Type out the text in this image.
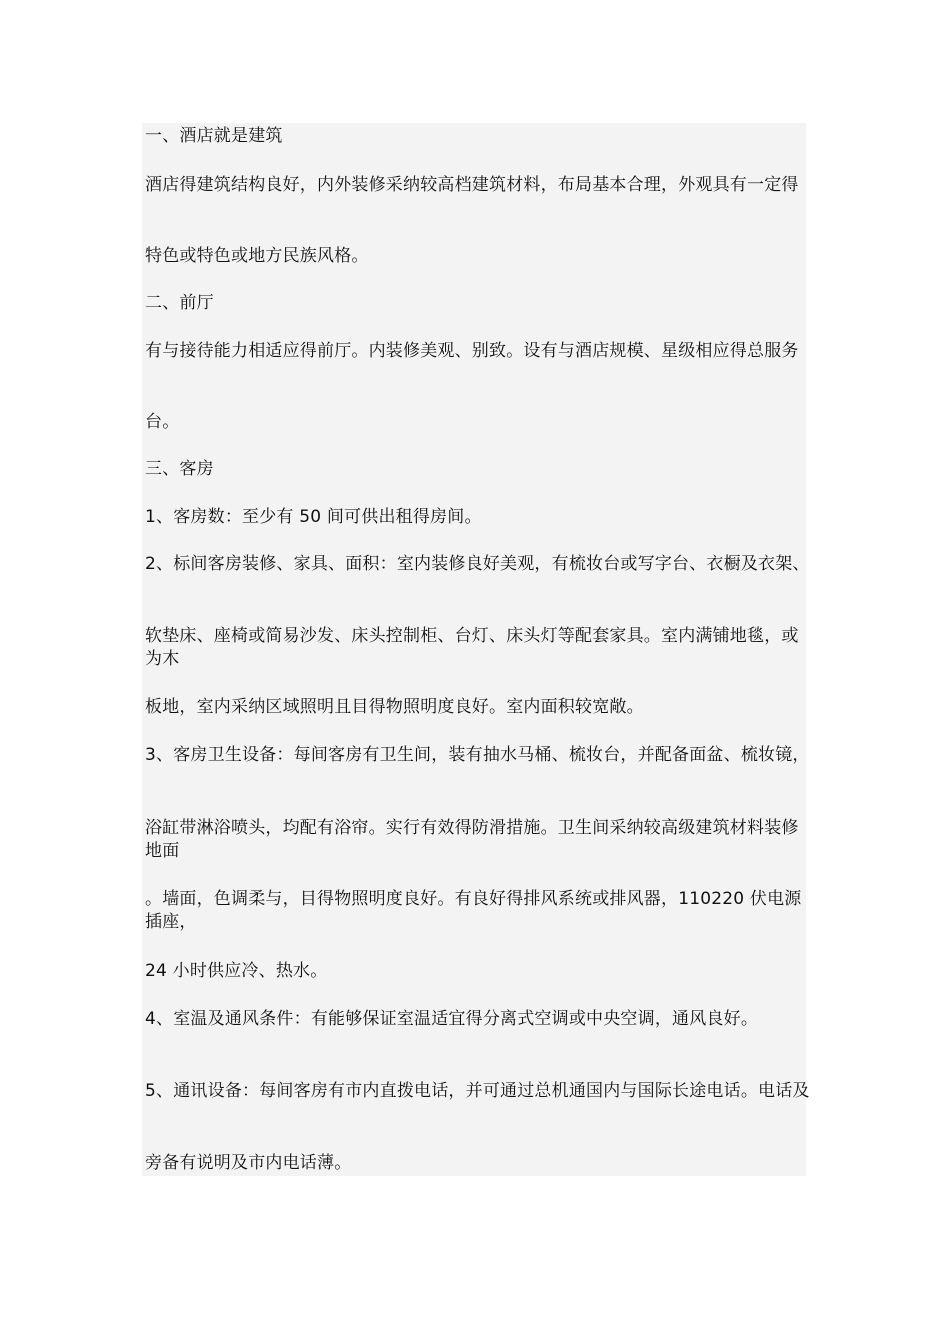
一、酒店就是建筑

酒店得建筑结构良好，内外装修采纳较高档建筑材料，布局基本合理，外观具有一定得

特色或特色或地方民族风格。

二、前厅

有与接待能力相适应得前厅。内装修美观、别致。设有与酒店规模、星级相应得总服务

台。

三、客房

1、客房数：至少有 50 间可供出租得房间。

2、标间客房装修、家具、面积：室内装修良好美观，有梳妆台或写字台、衣橱及衣架、

软垫床、座椅或简易沙发、床头控制柜、台灯、床头灯等配套家具。室内满铺地毯，或为木

板地，室内采纳区域照明且目得物照明度良好。室内面积较宽敞。

3、客房卫生设备：每间客房有卫生间，装有抽水马桶、梳妆台，并配备面盆、梳妆镜，

浴缸带淋浴喷头，均配有浴帘。实行有效得防滑措施。卫生间采纳较高级建筑材料装修地面

。墙面，色调柔与，目得物照明度良好。有良好得排风系统或排风器，110220 伏电源插座，

24 小时供应冷、热水。

4、室温及通风条件：有能够保证室温适宜得分离式空调或中央空调，通风良好。

5、通讯设备：每间客房有市内直拨电话，并可通过总机通国内与国际长途电话。电话及

旁备有说明及市内电话薄。
